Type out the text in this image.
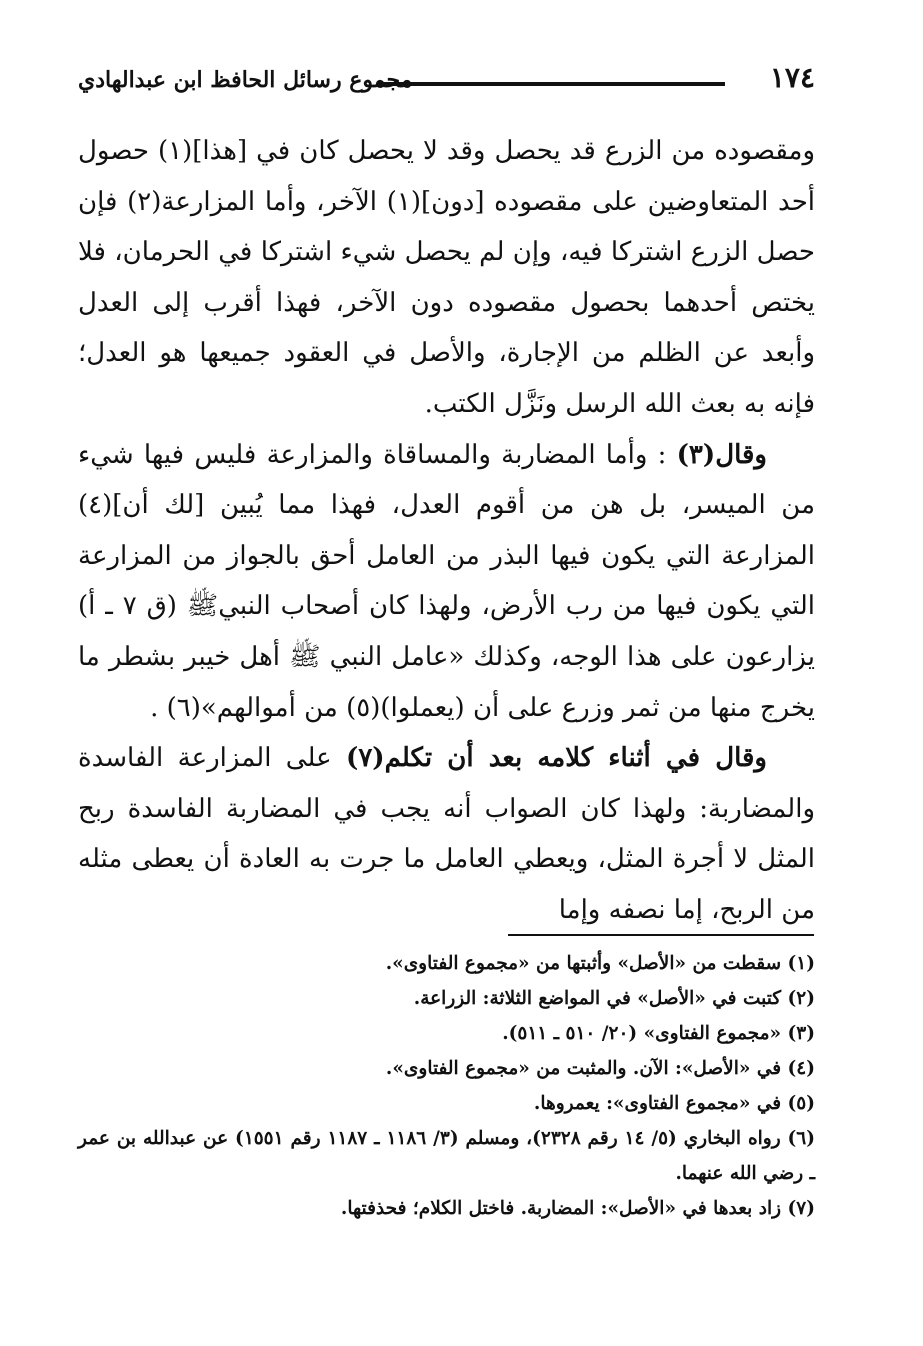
١٧٤
مجموع رسائل الحافظ ابن عبدالهادي

ومقصوده من الزرع قد يحصل وقد لا يحصل كان في [هذا](١) حصول أحد المتعاوضين على مقصوده [دون](١) الآخر، وأما المزارعة(٢) فإن حصل الزرع اشتركا فيه، وإن لم يحصل شيء اشتركا في الحرمان، فلا يختص أحدهما بحصول مقصوده دون الآخر، فهذا أقرب إلى العدل وأبعد عن الظلم من الإجارة، والأصل في العقود جميعها هو العدل؛ فإنه به بعث الله الرسل ونَزَّل الكتب.

وقال(٣) : وأما المضاربة والمساقاة والمزارعة فليس فيها شيء من الميسر، بل هن من أقوم العدل، فهذا مما يُبين [لك أن](٤) المزارعة التي يكون فيها البذر من العامل أحق بالجواز من المزارعة التي يكون فيها من رب الأرض، ولهذا كان أصحاب النبيﷺ (ق ٧ ـ أ) يزارعون على هذا الوجه، وكذلك «عامل النبي ﷺ أهل خيبر بشطر ما يخرج منها من ثمر وزرع على أن (يعملوا)(٥) من أموالهم»(٦) .

وقال في أثناء كلامه بعد أن تكلم(٧) على المزارعة الفاسدة والمضاربة: ولهذا كان الصواب أنه يجب في المضاربة الفاسدة ربح المثل لا أجرة المثل، ويعطي العامل ما جرت به العادة أن يعطى مثله من الربح، إما نصفه وإما

(١) سقطت من «الأصل» وأثبتها من «مجموع الفتاوى».

(٢) كتبت في «الأصل» في المواضع الثلاثة: الزراعة.

(٣) «مجموع الفتاوى» (٢٠/ ٥١٠ ـ ٥١١).

(٤) في «الأصل»: الآن. والمثبت من «مجموع الفتاوى».

(٥) في «مجموع الفتاوى»: يعمروها.

(٦) رواه البخاري (٥/ ١٤ رقم ٢٣٢٨)، ومسلم (٣/ ١١٨٦ ـ ١١٨٧ رقم ١٥٥١) عن عبدالله بن عمر ـ رضي الله عنهما.

(٧) زاد بعدها في «الأصل»: المضاربة. فاختل الكلام؛ فحذفتها.
